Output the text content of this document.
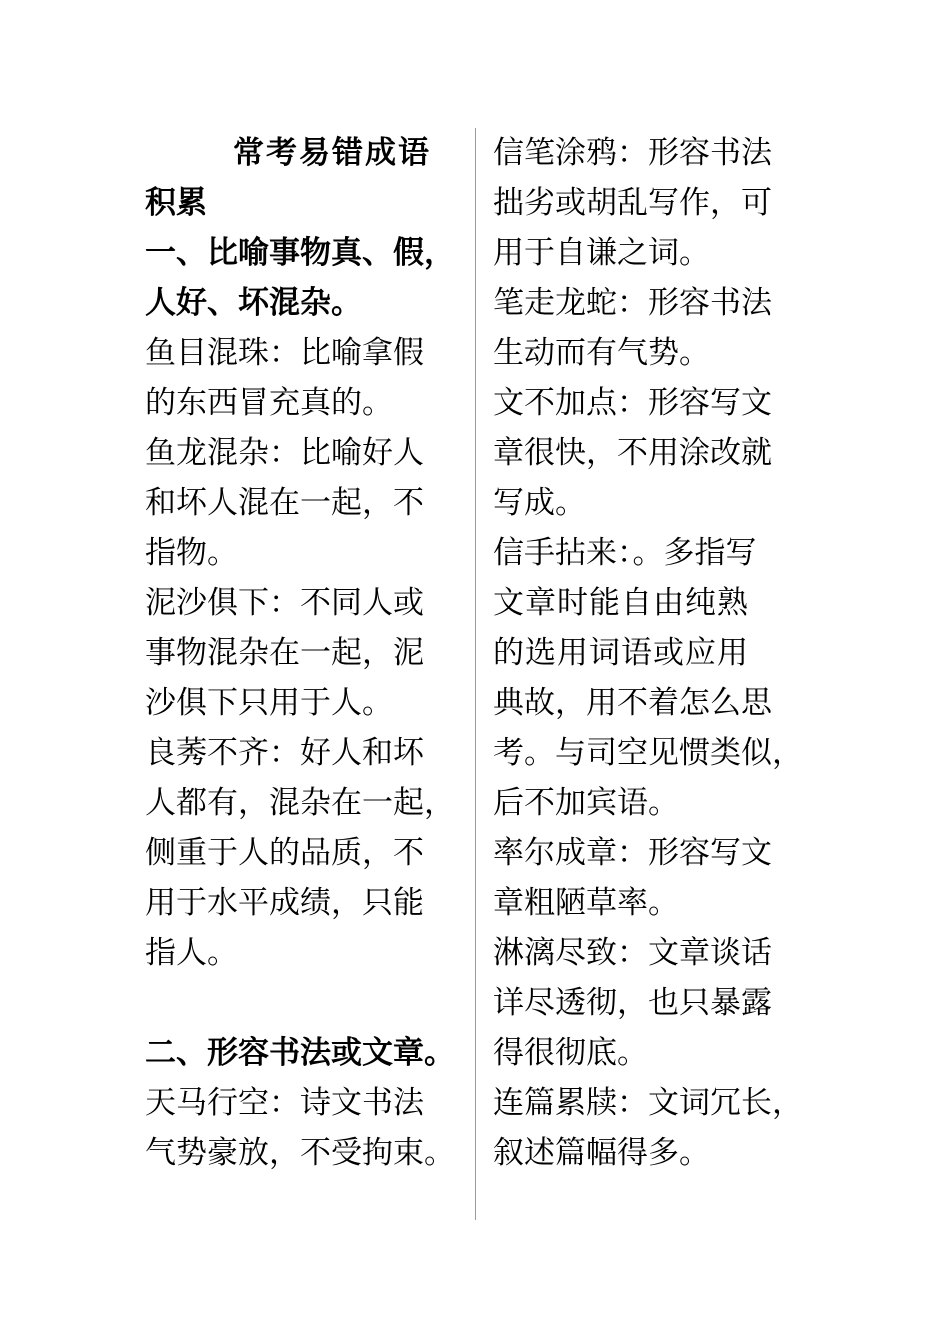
常考易错成语
积累
一、比喻事物真、假，
人好、坏混杂。
鱼目混珠：比喻拿假
的东西冒充真的。
鱼龙混杂：比喻好人
和坏人混在一起，不
指物。
泥沙俱下：不同人或
事物混杂在一起，泥
沙俱下只用于人。
良莠不齐：好人和坏
人都有，混杂在一起，
侧重于人的品质，不
用于水平成绩，只能
指人。
二、形容书法或文章。
天马行空：诗文书法
气势豪放，不受拘束。
信笔涂鸦：形容书法
拙劣或胡乱写作，可
用于自谦之词。
笔走龙蛇：形容书法
生动而有气势。
文不加点：形容写文
章很快，不用涂改就
写成。
信手拈来：。多指写
文章时能自由纯熟
的选用词语或应用
典故，用不着怎么思
考。与司空见惯类似，
后不加宾语。
率尔成章：形容写文
章粗陋草率。
淋漓尽致：文章谈话
详尽透彻，也只暴露
得很彻底。
连篇累牍：文词冗长，
叙述篇幅得多。
